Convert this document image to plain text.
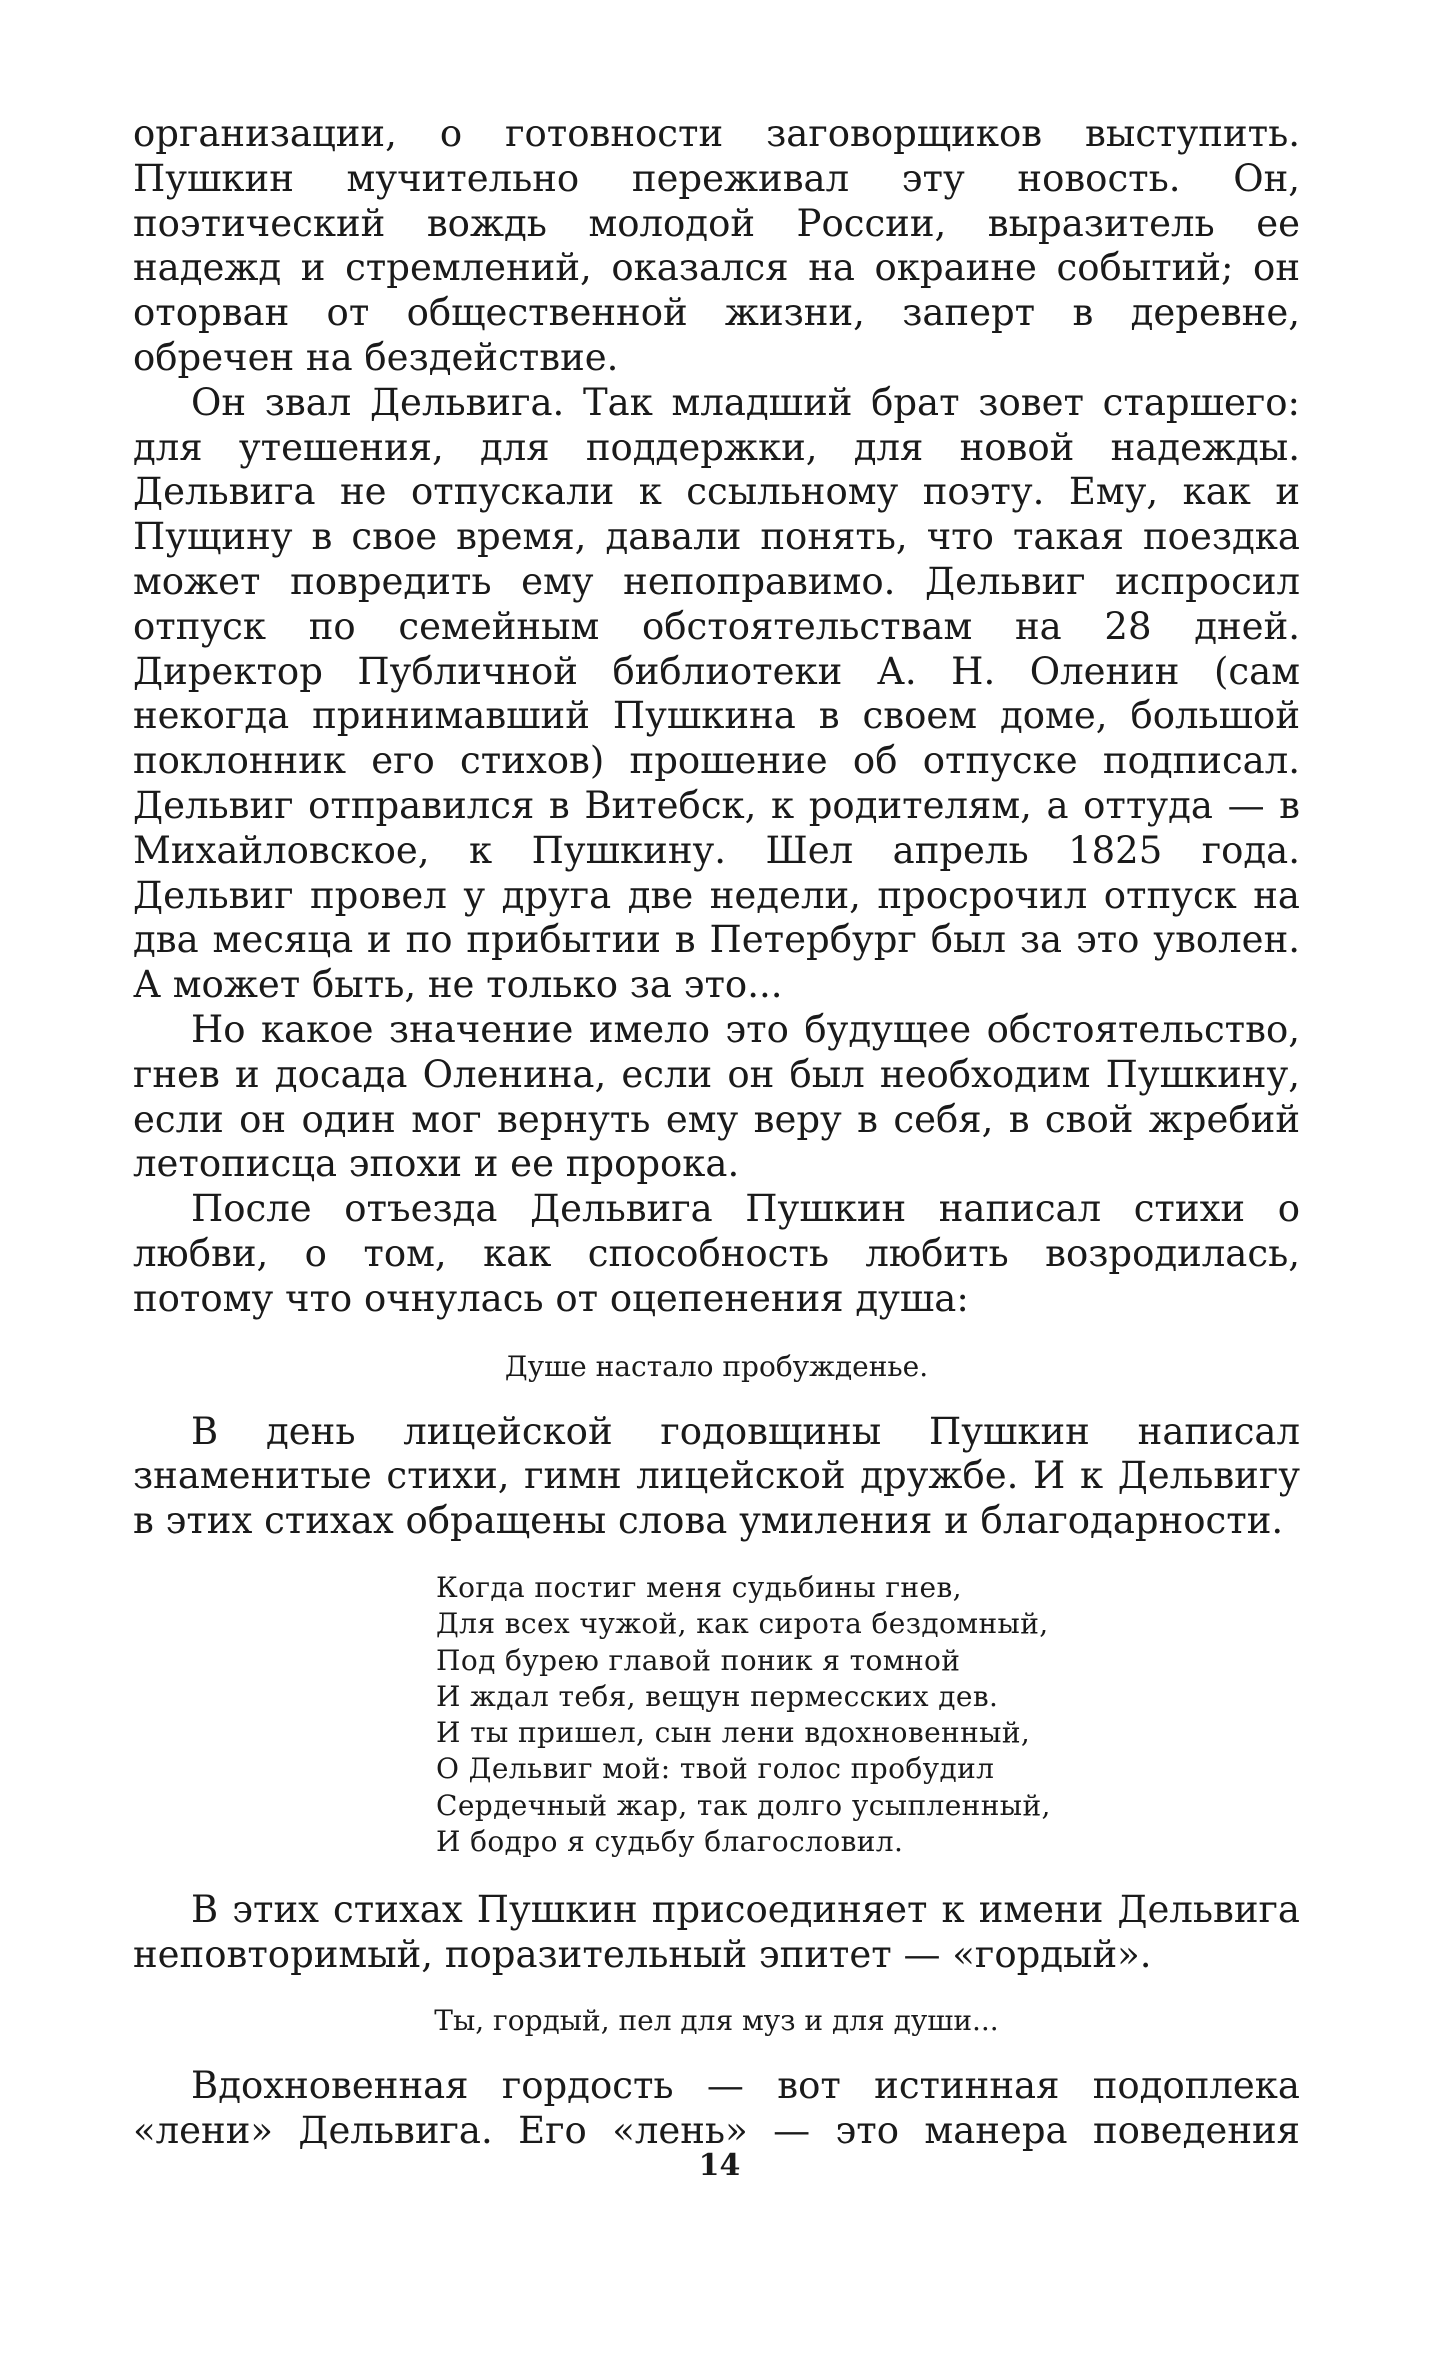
организации, о готовности заговорщиков выступить. Пушкин мучительно переживал эту новость. Он, поэтический вождь молодой России, выразитель ее надежд и стремлений, оказался на окраине событий; он оторван от общественной жизни, заперт в деревне, обречен на бездействие.

Он звал Дельвига. Так младший брат зовет старшего: для утешения, для поддержки, для новой надежды. Дельвига не отпускали к ссыльному поэту. Ему, как и Пущину в свое время, давали понять, что такая поездка может повредить ему непоправимо. Дельвиг испросил отпуск по семейным обстоятельствам на 28 дней. Директор Публичной библиотеки А. Н. Оленин (сам некогда принимавший Пушкина в своем доме, большой поклонник его стихов) прошение об отпуске подписал. Дельвиг отправился в Витебск, к родителям, а оттуда — в Михайловское, к Пушкину. Шел апрель 1825 года. Дельвиг провел у друга две недели, просрочил отпуск на два месяца и по прибытии в Петербург был за это уволен. А может быть, не только за это...

Но какое значение имело это будущее обстоятельство, гнев и досада Оленина, если он был необходим Пушкину, если он один мог вернуть ему веру в себя, в свой жребий летописца эпохи и ее пророка.

После отъезда Дельвига Пушкин написал стихи о любви, о том, как способность любить возродилась, потому что очнулась от оцепенения душа:

Душе настало пробужденье.

В день лицейской годовщины Пушкин написал знаменитые стихи, гимн лицейской дружбе. И к Дельвигу в этих стихах обращены слова умиления и благодарности.

Когда постиг меня судьбины гнев,
Для всех чужой, как сирота бездомный,
Под бурею главой поник я томной
И ждал тебя, вещун пермесских дев.
И ты пришел, сын лени вдохновенный,
О Дельвиг мой: твой голос пробудил
Сердечный жар, так долго усыпленный,
И бодро я судьбу благословил.

В этих стихах Пушкин присоединяет к имени Дельвига неповторимый, поразительный эпитет — «гордый».

Ты, гордый, пел для муз и для души...

Вдохновенная гордость — вот истинная подоплека «лени» Дельвига. Его «лень» — это манера поведения

14
